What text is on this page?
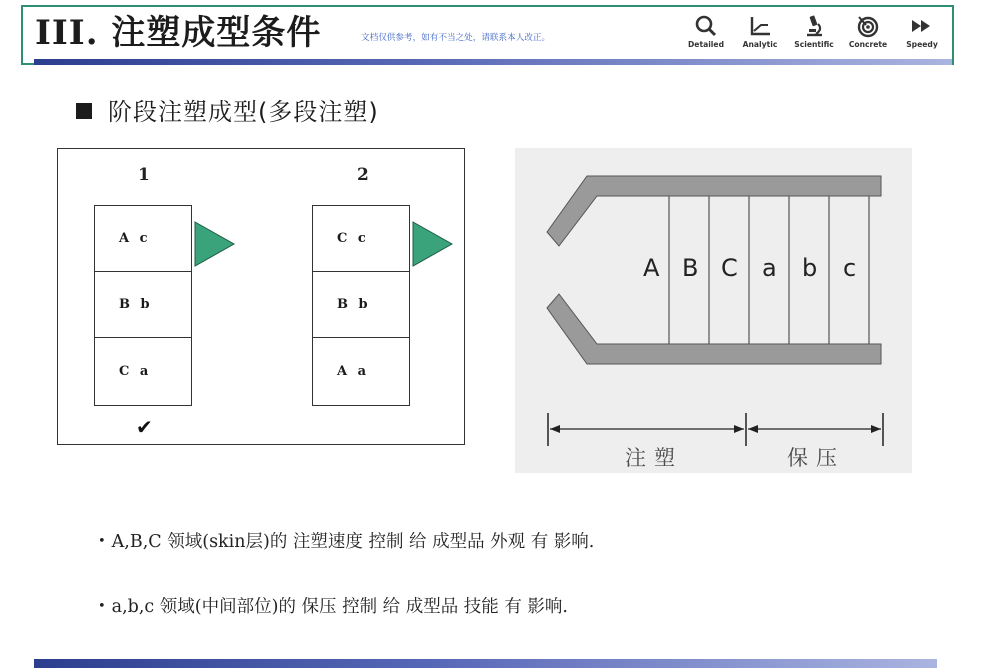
III. 注塑成型条件	文档仅供参考，如有不当之处，请联系本人改正。
Detailed Analytic Scientific Concrete	Speedy
阶段注塑成型(多段注塑)
1	2
A c
B b
C a
✔
C c
B b
A a
A B C a b c
注塑	保压
• A,B,C 领域(skin层)的 注塑速度 控制 给 成型品 外观 有 影响.
• a,b,c 领域(中间部位)的 保压 控制 给 成型品 技能 有 影响.
